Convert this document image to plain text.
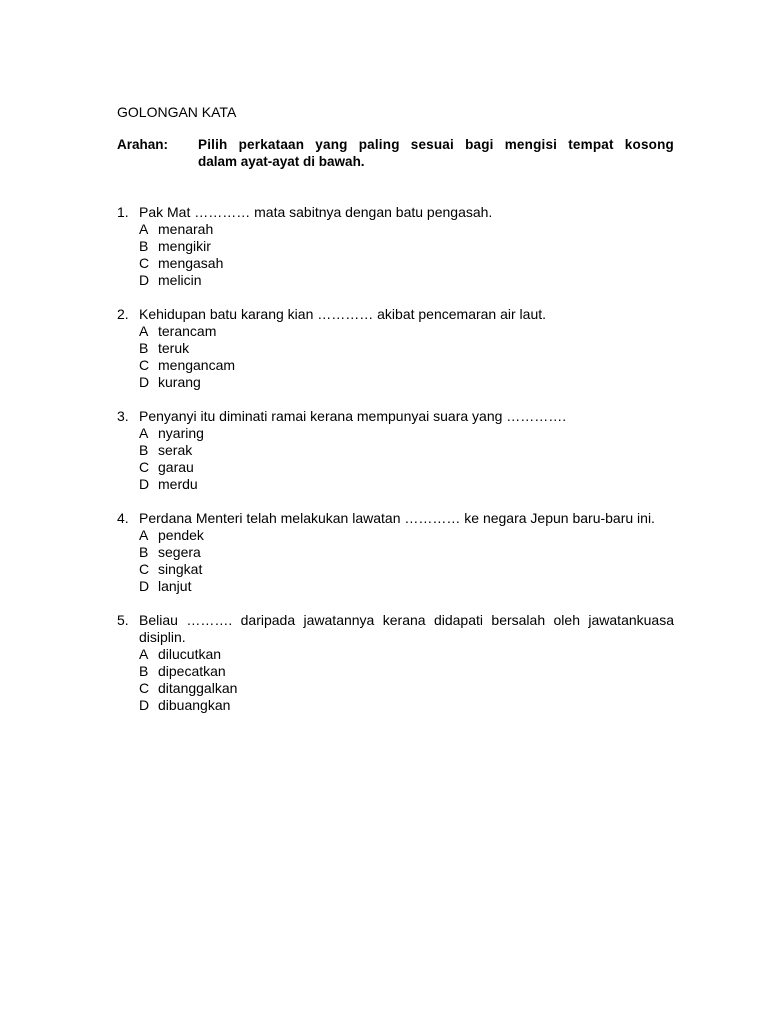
GOLONGAN KATA
Arahan:	Pilih perkataan yang paling sesuai bagi mengisi tempat kosong
dalam ayat-ayat di bawah.
1. Pak Mat ………… mata sabitnya dengan batu pengasah.
A menarah
B mengikir
C mengasah
D melicin
2. Kehidupan batu karang kian ………… akibat pencemaran air laut.
A terancam
B teruk
C mengancam
D kurang
3. Penyanyi itu diminati ramai kerana mempunyai suara yang ………….
A nyaring
B serak
C garau
D merdu
4. Perdana Menteri telah melakukan lawatan ………… ke negara Jepun baru-baru ini.
A pendek
B segera
C singkat
D lanjut
5. Beliau ………. daripada jawatannya kerana didapati bersalah oleh jawatankuasa disiplin.
A dilucutkan
B dipecatkan
C ditanggalkan
D dibuangkan
